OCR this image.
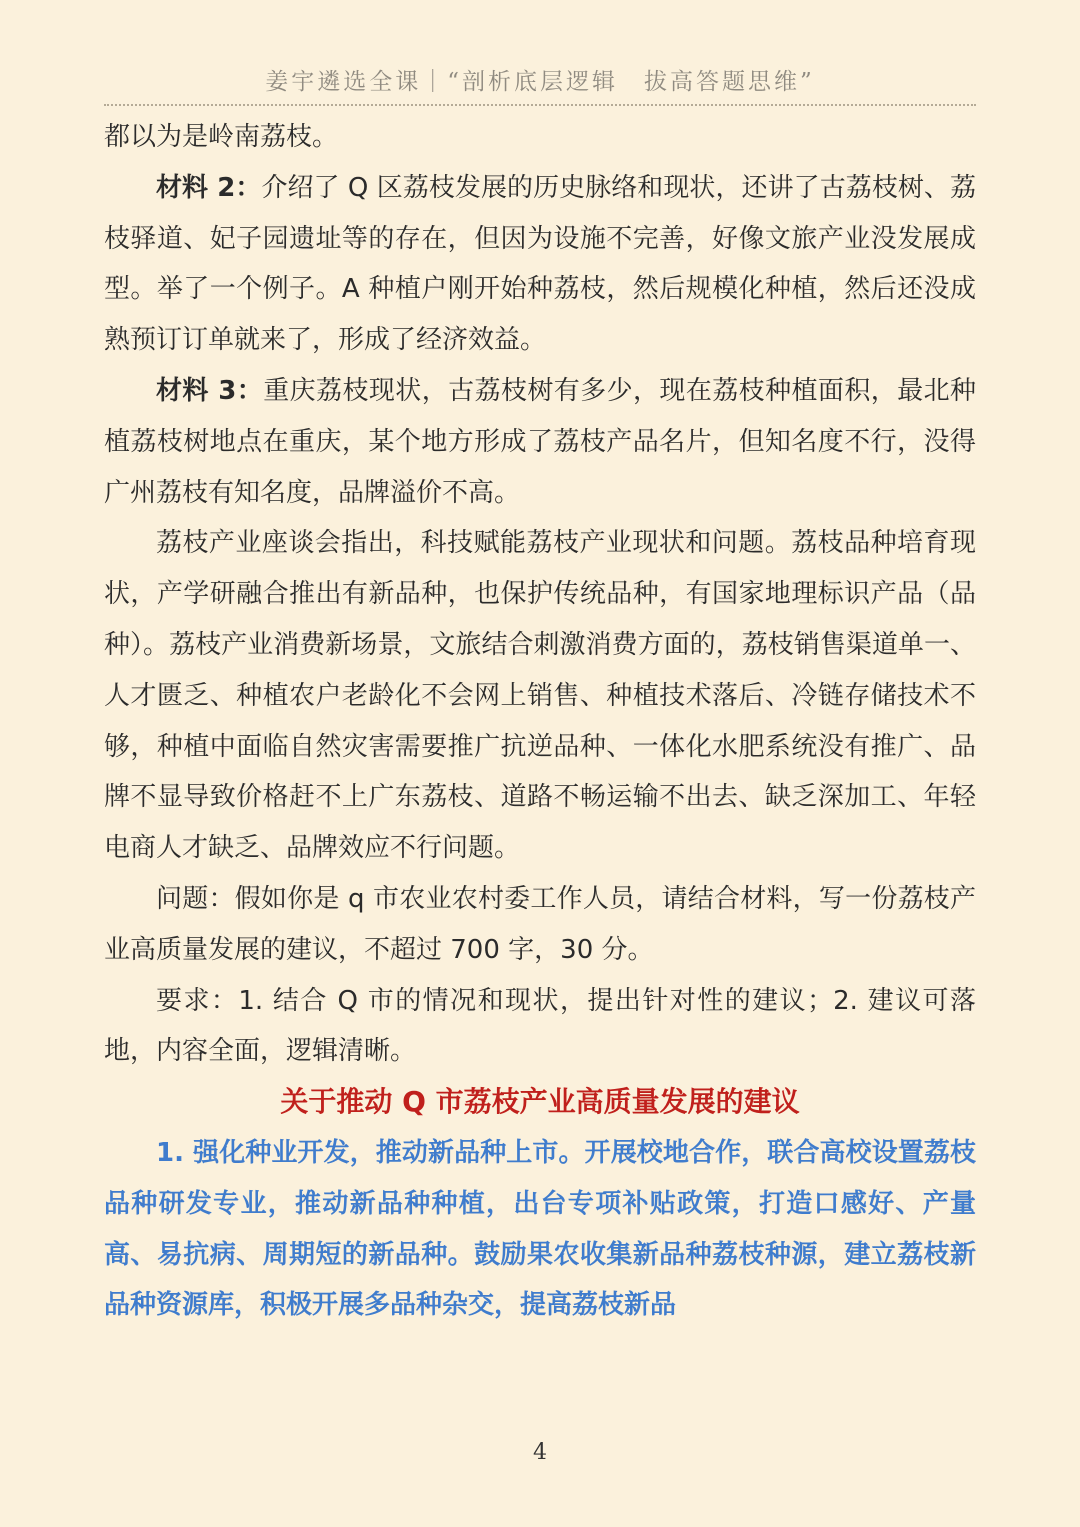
姜宇遴选全课｜“剖析底层逻辑　拔高答题思维”

都以为是岭南荔枝。

材料 2：介绍了 Q 区荔枝发展的历史脉络和现状，还讲了古荔枝树、荔枝驿道、妃子园遗址等的存在，但因为设施不完善，好像文旅产业没发展成型。举了一个例子。A 种植户刚开始种荔枝，然后规模化种植，然后还没成熟预订订单就来了，形成了经济效益。

材料 3：重庆荔枝现状，古荔枝树有多少，现在荔枝种植面积，最北种植荔枝树地点在重庆，某个地方形成了荔枝产品名片，但知名度不行，没得广州荔枝有知名度，品牌溢价不高。

荔枝产业座谈会指出，科技赋能荔枝产业现状和问题。荔枝品种培育现状，产学研融合推出有新品种，也保护传统品种，有国家地理标识产品（品种）。荔枝产业消费新场景，文旅结合刺激消费方面的，荔枝销售渠道单一、人才匮乏、种植农户老龄化不会网上销售、种植技术落后、冷链存储技术不够，种植中面临自然灾害需要推广抗逆品种、一体化水肥系统没有推广、品牌不显导致价格赶不上广东荔枝、道路不畅运输不出去、缺乏深加工、年轻电商人才缺乏、品牌效应不行问题。

问题：假如你是 q 市农业农村委工作人员，请结合材料，写一份荔枝产业高质量发展的建议，不超过 700 字，30 分。

要求：1. 结合 Q 市的情况和现状，提出针对性的建议；2. 建议可落地，内容全面，逻辑清晰。

关于推动 Q 市荔枝产业高质量发展的建议

1. 强化种业开发，推动新品种上市。开展校地合作，联合高校设置荔枝品种研发专业，推动新品种种植，出台专项补贴政策，打造口感好、产量高、易抗病、周期短的新品种。鼓励果农收集新品种荔枝种源，建立荔枝新品种资源库，积极开展多品种杂交，提高荔枝新品

4
